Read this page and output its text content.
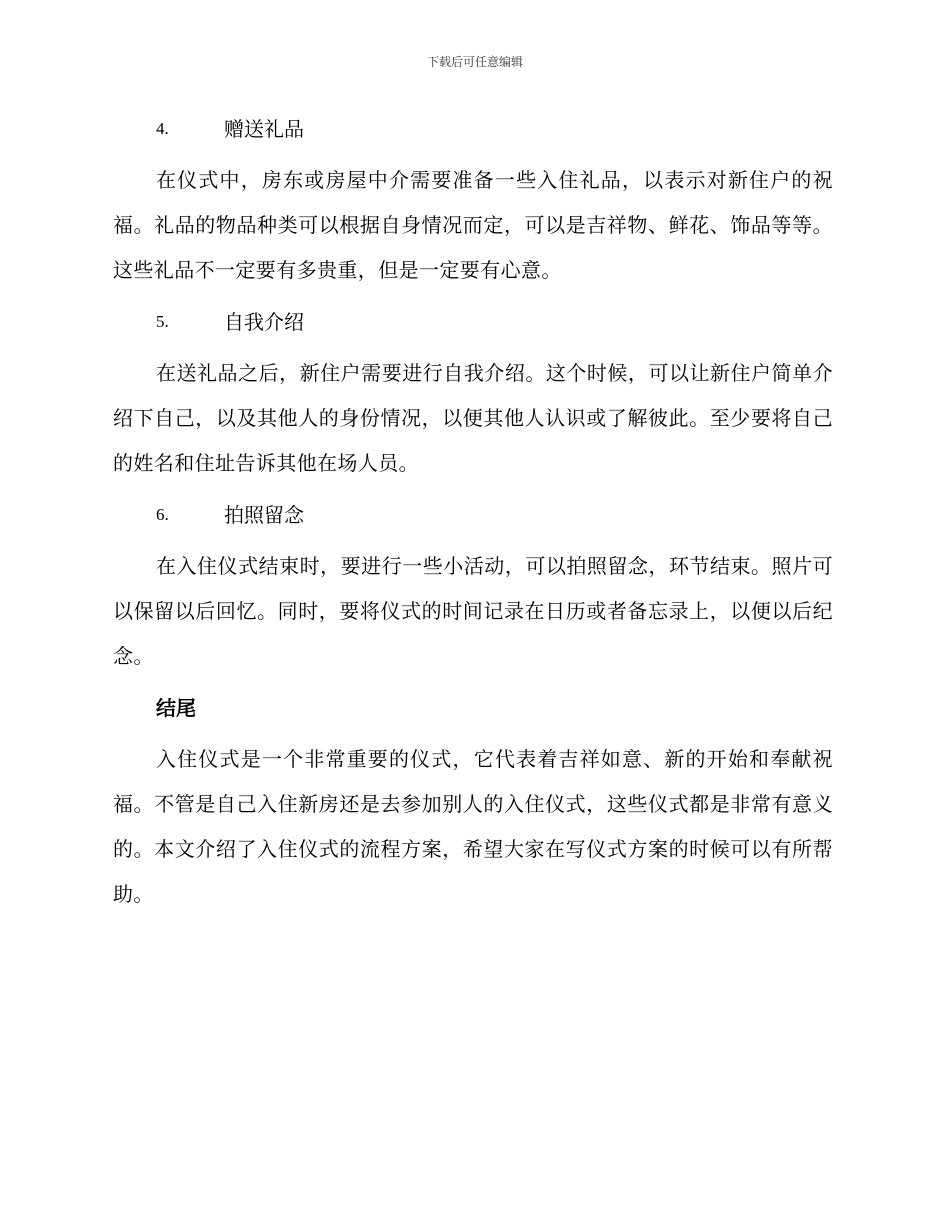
下载后可任意编辑
4.	赠送礼品

在仪式中，房东或房屋中介需要准备一些入住礼品，以表示对新住户的祝福。礼品的物品种类可以根据自身情况而定，可以是吉祥物、鲜花、饰品等等。这些礼品不一定要有多贵重，但是一定要有心意。

5.	自我介绍

在送礼品之后，新住户需要进行自我介绍。这个时候，可以让新住户简单介绍下自己，以及其他人的身份情况，以便其他人认识或了解彼此。至少要将自己的姓名和住址告诉其他在场人员。

6.	拍照留念

在入住仪式结束时，要进行一些小活动，可以拍照留念，环节结束。照片可以保留以后回忆。同时，要将仪式的时间记录在日历或者备忘录上，以便以后纪念。

结尾

入住仪式是一个非常重要的仪式，它代表着吉祥如意、新的开始和奉献祝福。不管是自己入住新房还是去参加别人的入住仪式，这些仪式都是非常有意义的。本文介绍了入住仪式的流程方案，希望大家在写仪式方案的时候可以有所帮助。
